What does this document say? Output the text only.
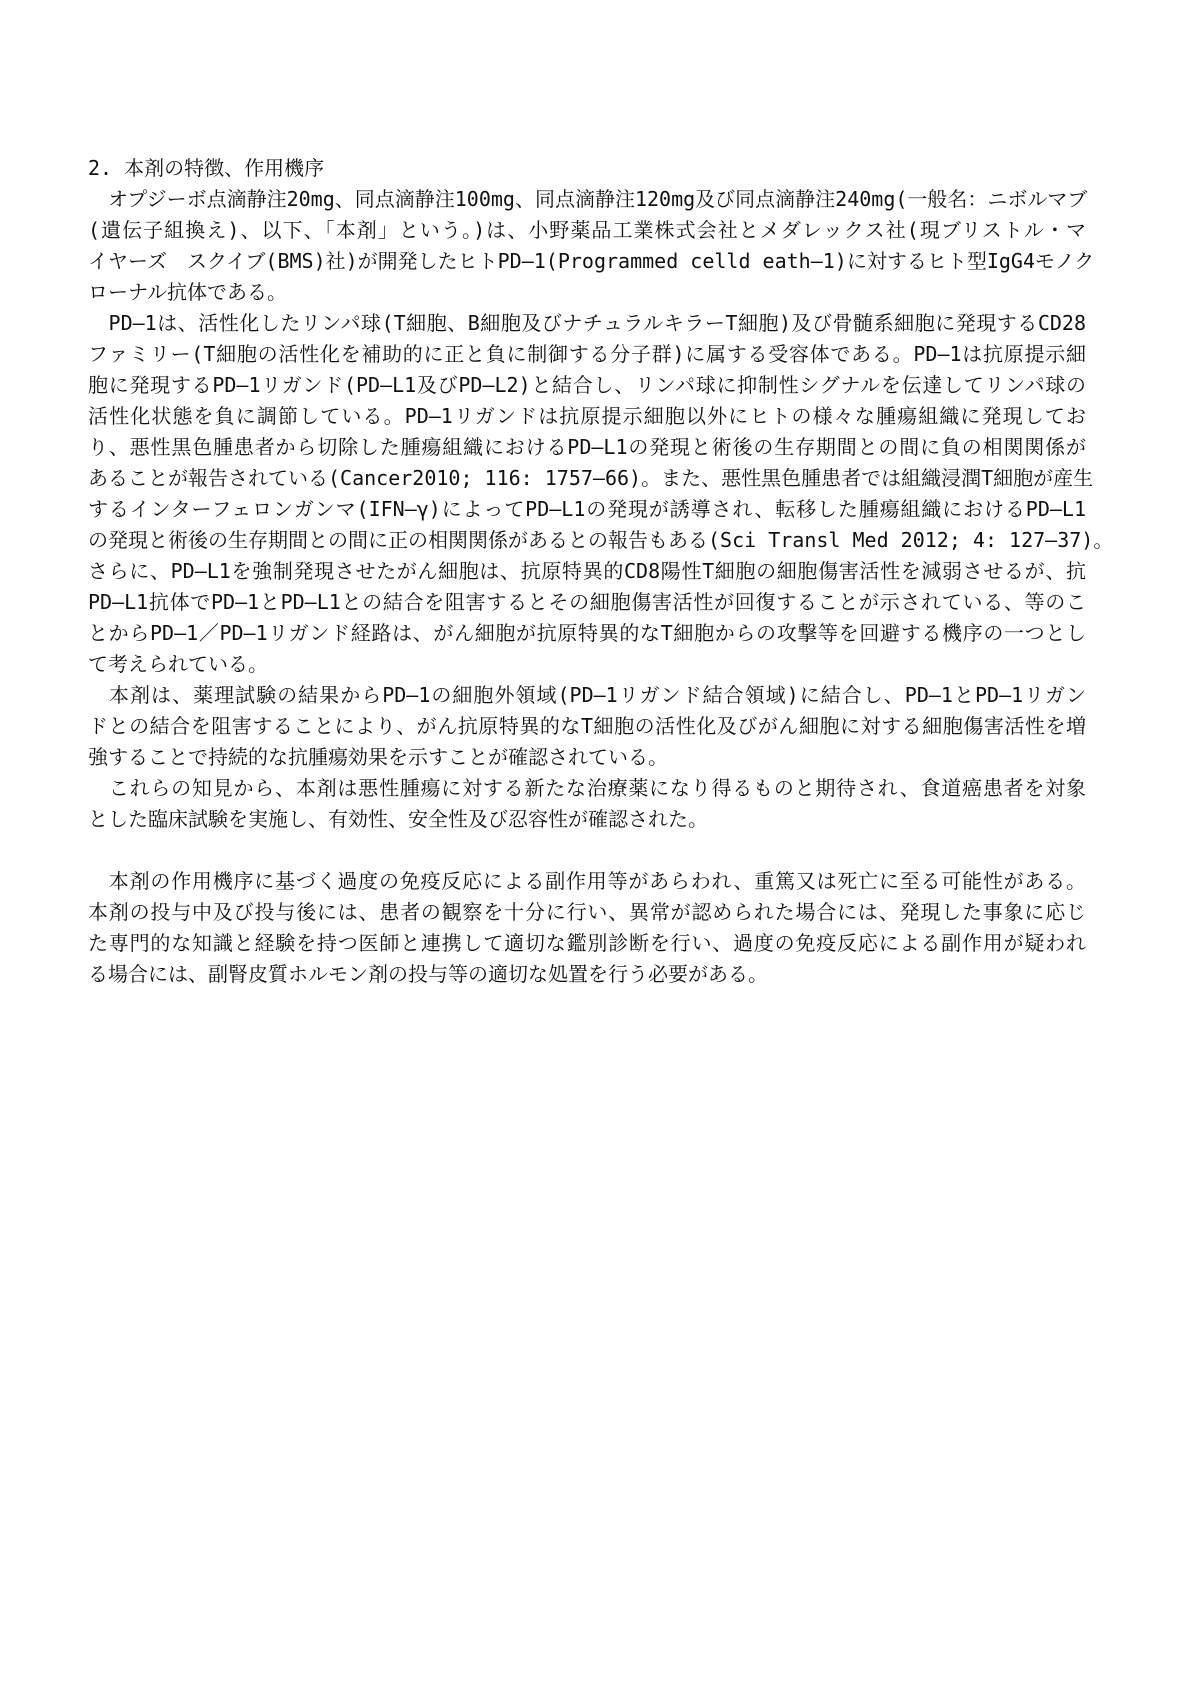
2. 本剤の特徴、作用機序
　オプジーボ点滴静注20mg、同点滴静注100mg、同点滴静注120mg及び同点滴静注240mg(一般名：ニボルマブ
(遺伝子組換え)、以下、「本剤」という。)は、小野薬品工業株式会社とメダレックス社(現ブリストル・マ
イヤーズ　スクイブ(BMS)社)が開発したヒトPD—1(Programmed celld eath—1)に対するヒト型IgG4モノク
ローナル抗体である。
　PD—1は、活性化したリンパ球(T細胞、B細胞及びナチュラルキラーT細胞)及び骨髄系細胞に発現するCD28
ファミリー(T細胞の活性化を補助的に正と負に制御する分子群)に属する受容体である。PD—1は抗原提示細
胞に発現するPD—1リガンド(PD—L1及びPD—L2)と結合し、リンパ球に抑制性シグナルを伝達してリンパ球の
活性化状態を負に調節している。PD—1リガンドは抗原提示細胞以外にヒトの様々な腫瘍組織に発現してお
り、悪性黒色腫患者から切除した腫瘍組織におけるPD—L1の発現と術後の生存期間との間に負の相関関係が
あることが報告されている(Cancer2010; 116: 1757—66)。また、悪性黒色腫患者では組織浸潤T細胞が産生
するインターフェロンガンマ(IFN—γ)によってPD—L1の発現が誘導され、転移した腫瘍組織におけるPD—L1
の発現と術後の生存期間との間に正の相関関係があるとの報告もある(Sci Transl Med 2012; 4: 127—37)。
さらに、PD—L1を強制発現させたがん細胞は、抗原特異的CD8陽性T細胞の細胞傷害活性を減弱させるが、抗
PD—L1抗体でPD—1とPD—L1との結合を阻害するとその細胞傷害活性が回復することが示されている、等のこ
とからPD—1／PD—1リガンド経路は、がん細胞が抗原特異的なT細胞からの攻撃等を回避する機序の一つとし
て考えられている。
　本剤は、薬理試験の結果からPD—1の細胞外領域(PD—1リガンド結合領域)に結合し、PD—1とPD—1リガン
ドとの結合を阻害することにより、がん抗原特異的なT細胞の活性化及びがん細胞に対する細胞傷害活性を増
強することで持続的な抗腫瘍効果を示すことが確認されている。
　これらの知見から、本剤は悪性腫瘍に対する新たな治療薬になり得るものと期待され、食道癌患者を対象
とした臨床試験を実施し、有効性、安全性及び忍容性が確認された。
　本剤の作用機序に基づく過度の免疫反応による副作用等があらわれ、重篤又は死亡に至る可能性がある。
本剤の投与中及び投与後には、患者の観察を十分に行い、異常が認められた場合には、発現した事象に応じ
た専門的な知識と経験を持つ医師と連携して適切な鑑別診断を行い、過度の免疫反応による副作用が疑われ
る場合には、副腎皮質ホルモン剤の投与等の適切な処置を行う必要がある。
